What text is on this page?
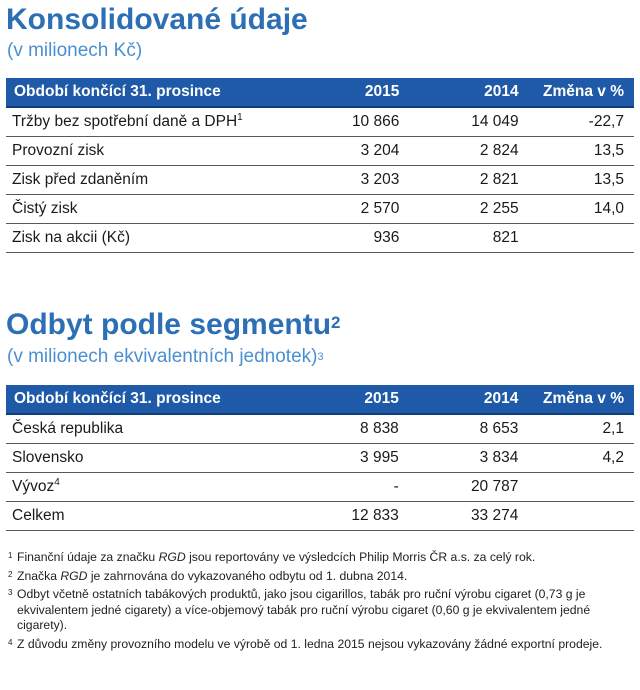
Konsolidované údaje
(v milionech Kč)
Období končící 31. prosince	2015	2014	Změna v %
Tržby bez spotřební daně a DPH$^1$	10 866	14 049	-22,7
Provozní zisk	3 204	2 824	13,5
Zisk před zdaněním	3 203	2 821	13,5
Čistý zisk	2 570	2 255	14,0
Zisk na akcii (Kč)	936	821	
Odbyt podle segmentu$^2$
(v milionech ekvivalentních jednotek)$^3$
Období končící 31. prosince	2015	2014	Změna v %
Česká republika	8 838	8 653	2,1
Slovensko	3 995	3 834	4,2
Vývoz$^4$	-	20 787	
Celkem	12 833	33 274	
1 Finanční údaje za značku RGD jsou reportovány ve výsledcích Philip Morris ČR a.s. za celý rok.
2 Značka RGD je zahrnována do vykazovaného odbytu od 1. dubna 2014.
3 Odbyt včetně ostatních tabákových produktů, jako jsou cigarillos, tabák pro ruční výrobu cigaret (0,73 g je ekvivalentem jedné cigarety) a více-objemový tabák pro ruční výrobu cigaret (0,60 g je ekvivalentem jedné cigarety).
4 Z důvodu změny provozního modelu ve výrobě od 1. ledna 2015 nejsou vykazovány žádné exportní prodeje.
